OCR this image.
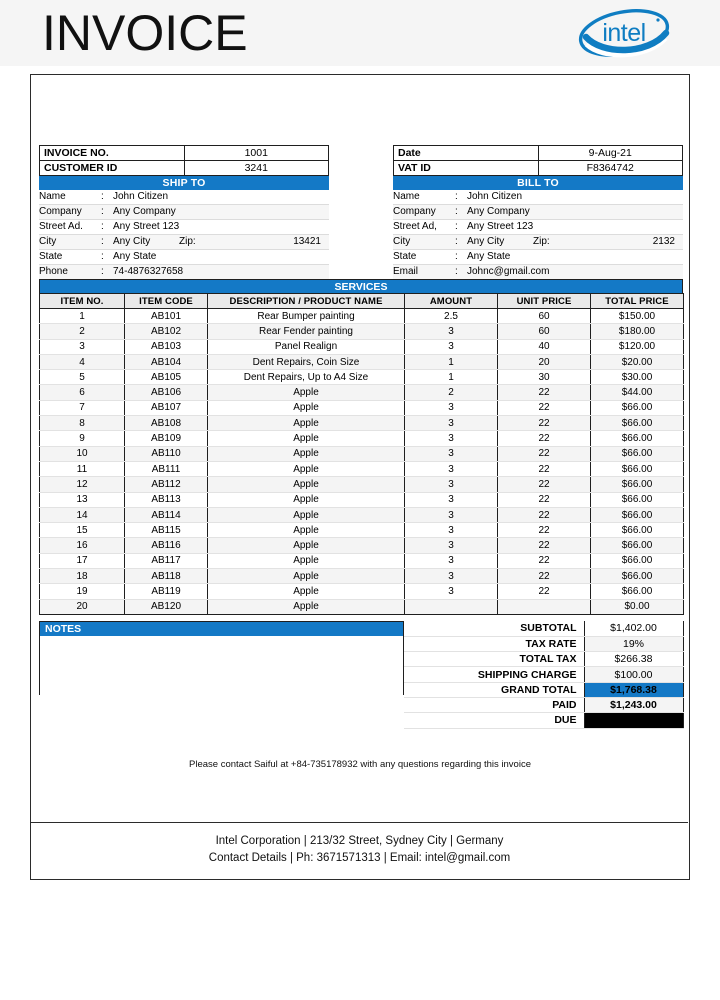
INVOICE	intel
INVOICE NO.	1001
CUSTOMER ID	3241
SHIP TO
Name	:	John Citizen
Company	:	Any Company
Street Ad.	:	Any Street 123
City	:	Any City Zip: 13421

State	:	Any State
Phone	:	74-4876327658
Date	9-Aug-21
VAT ID	F8364742
BILL TO
Name	:	John Citizen
Company	:	Any Company
Street Ad,	:	Any Street 123
City	:	Any City Zip: 2132

State	:	Any State
Email	:	Johnc@gmail.com
SERVICES
ITEM NO.	ITEM CODE	DESCRIPTION / PRODUCT NAME	AMOUNT	UNIT PRICE	TOTAL PRICE
1	AB101	Rear Bumper painting	2.5	60	$150.00
2	AB102	Rear Fender painting	3	60	$180.00
3	AB103	Panel Realign	3	40	$120.00
4	AB104	Dent Repairs, Coin Size	1	20	$20.00
5	AB105	Dent Repairs, Up to A4 Size	1	30	$30.00
6	AB106	Apple	2	22	$44.00
7	AB107	Apple	3	22	$66.00
8	AB108	Apple	3	22	$66.00
9	AB109	Apple	3	22	$66.00
10	AB110	Apple	3	22	$66.00
11	AB111	Apple	3	22	$66.00
12	AB112	Apple	3	22	$66.00
13	AB113	Apple	3	22	$66.00
14	AB114	Apple	3	22	$66.00
15	AB115	Apple	3	22	$66.00
16	AB116	Apple	3	22	$66.00
17	AB117	Apple	3	22	$66.00
18	AB118	Apple	3	22	$66.00
19	AB119	Apple	3	22	$66.00
20	AB120	Apple			$0.00
NOTES	SUBTOTAL	$1,402.00
TAX RATE	19%
TOTAL TAX	$266.38
SHIPPING CHARGE	$100.00
GRAND TOTAL	$1,768.38
PAID	$1,243.00
DUE	$525.38
Please contact Saiful at +84-735178932 with any questions regarding this invoice
Intel Corporation | 213/32 Street, Sydney City | Germany
Contact Details | Ph: 3671571313 | Email: intel@gmail.com
